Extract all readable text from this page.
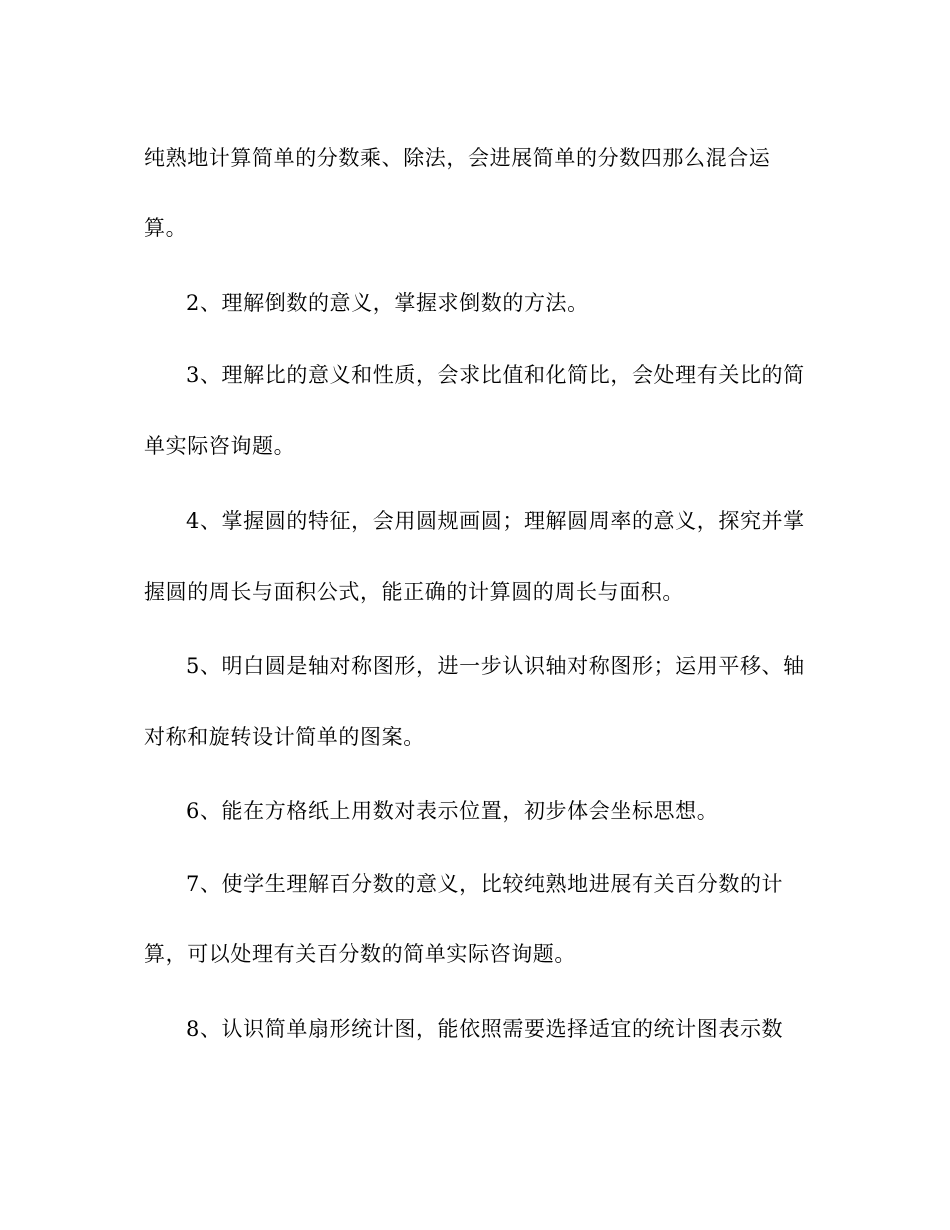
纯熟地计算简单的分数乘、除法，会进展简单的分数四那么混合运
算。
2、理解倒数的意义，掌握求倒数的方法。
3、理解比的意义和性质，会求比值和化简比，会处理有关比的简
单实际咨询题。
4、掌握圆的特征，会用圆规画圆；理解圆周率的意义，探究并掌
握圆的周长与面积公式，能正确的计算圆的周长与面积。
5、明白圆是轴对称图形，进一步认识轴对称图形；运用平移、轴
对称和旋转设计简单的图案。
6、能在方格纸上用数对表示位置，初步体会坐标思想。
7、使学生理解百分数的意义，比较纯熟地进展有关百分数的计
算，可以处理有关百分数的简单实际咨询题。
8、认识简单扇形统计图，能依照需要选择适宜的统计图表示数
